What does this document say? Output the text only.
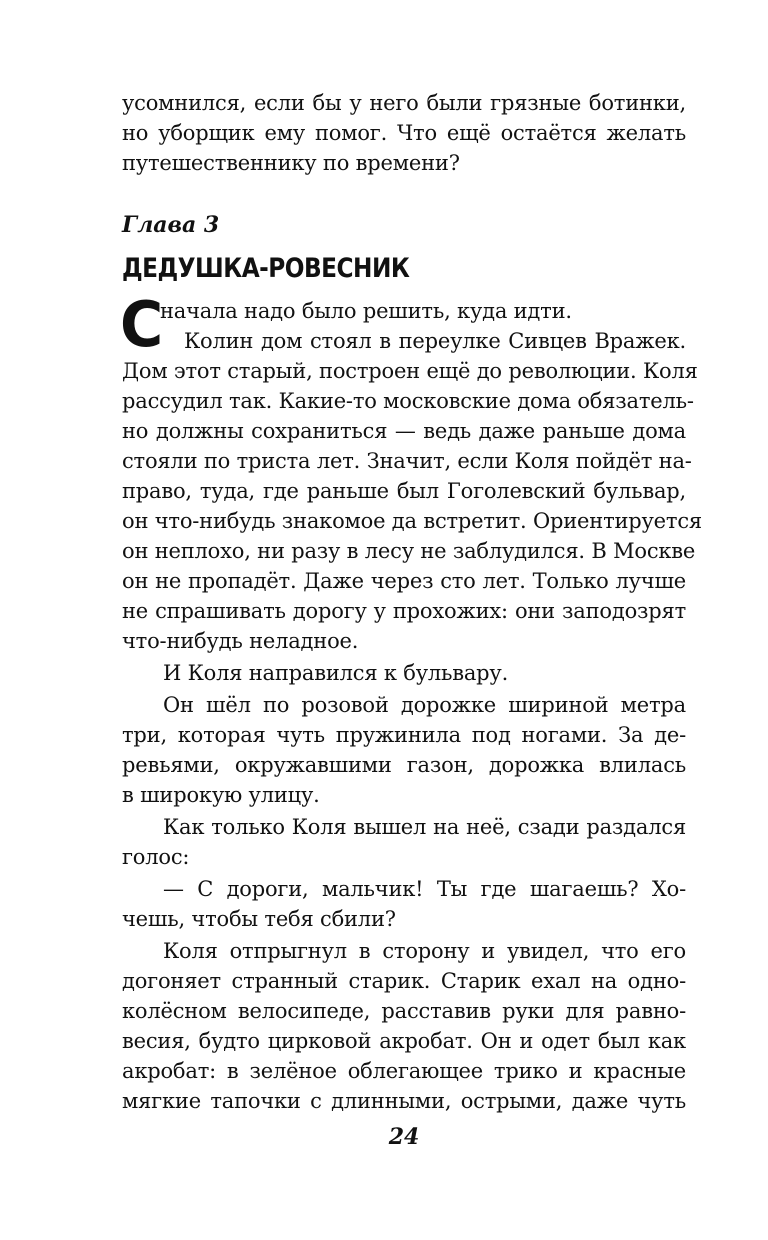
усомнился, если бы у него были грязные ботинки,
но уборщик ему помог. Что ещё остаётся желать
путешественнику по времени?
Глава 3
ДЕДУШКА-РОВЕСНИК
С
начала надо было решить, куда идти.
Колин дом стоял в переулке Сивцев Вражек.
Дом этот старый, построен ещё до революции. Коля
рассудил так. Какие-то московские дома обязатель-
но должны сохраниться — ведь даже раньше дома
стояли по триста лет. Значит, если Коля пойдёт на-
право, туда, где раньше был Гоголевский бульвар,
он что-нибудь знакомое да встретит. Ориентируется
он неплохо, ни разу в лесу не заблудился. В Москве
он не пропадёт. Даже через сто лет. Только лучше
не спрашивать дорогу у прохожих: они заподозрят
что-нибудь неладное.
И Коля направился к бульвару.
Он шёл по розовой дорожке шириной метра
три, которая чуть пружинила под ногами. За де-
ревьями, окружавшими газон, дорожка влилась
в широкую улицу.
Как только Коля вышел на неё, сзади раздался
голос:
— С дороги, мальчик! Ты где шагаешь? Хо-
чешь, чтобы тебя сбили?
Коля отпрыгнул в сторону и увидел, что его
догоняет странный старик. Старик ехал на одно-
колёсном велосипеде, расставив руки для равно-
весия, будто цирковой акробат. Он и одет был как
акробат: в зелёное облегающее трико и красные
мягкие тапочки с длинными, острыми, даже чуть
24
